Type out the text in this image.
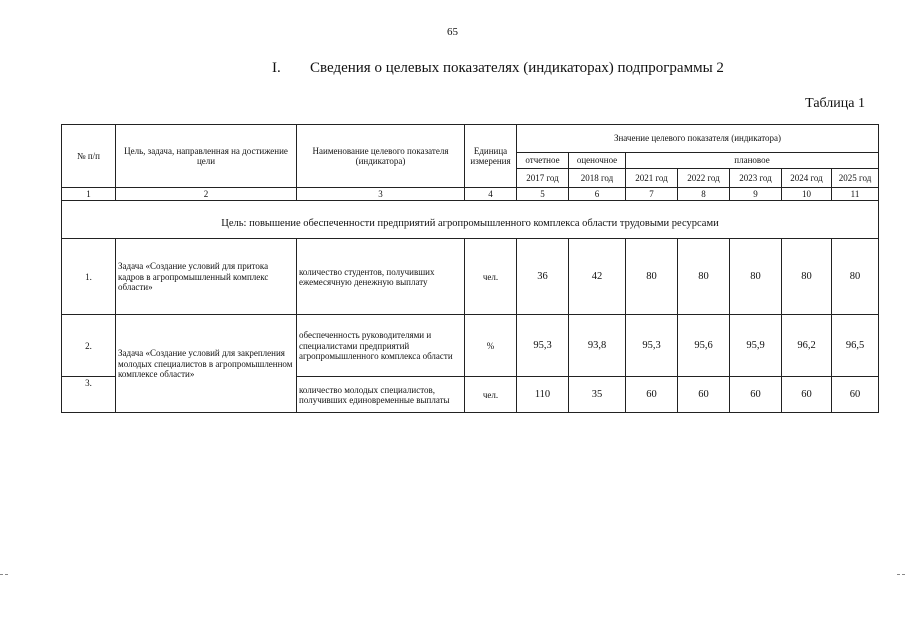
65
I. Сведения о целевых показателях (индикаторах) подпрограммы 2
Таблица 1
№ п/п	Цель, задача, направленная на достижение цели	Наименование целевого показателя (индикатора)	Единица измерения	Значение целевого показателя (индикатора)						
				отчетное	оценочное	плановое				
				2017 год	2018 год	2021 год	2022 год	2023 год	2024 год	2025 год
1	2	3	4	5	6	7	8	9	10	11
Цель: повышение обеспеченности предприятий агропромышленного комплекса области трудовыми ресурсами										
1.	Задача «Создание условий для притока кадров в агропромышленный комплекс области»	количество студентов, получивших ежемесячную денежную выплату	чел.	36	42	80	80	80	80	80
2.	Задача «Создание условий для закрепления молодых специалистов в агропромышленном комплексе области»	обеспеченность руководителями и специалистами предприятий агропромышленного комплекса области	%	95,3	93,8	95,3	95,6	95,9	96,2	96,5
3.		количество молодых специалистов, получивших единовременные выплаты	чел.	110	35	60	60	60	60	60
